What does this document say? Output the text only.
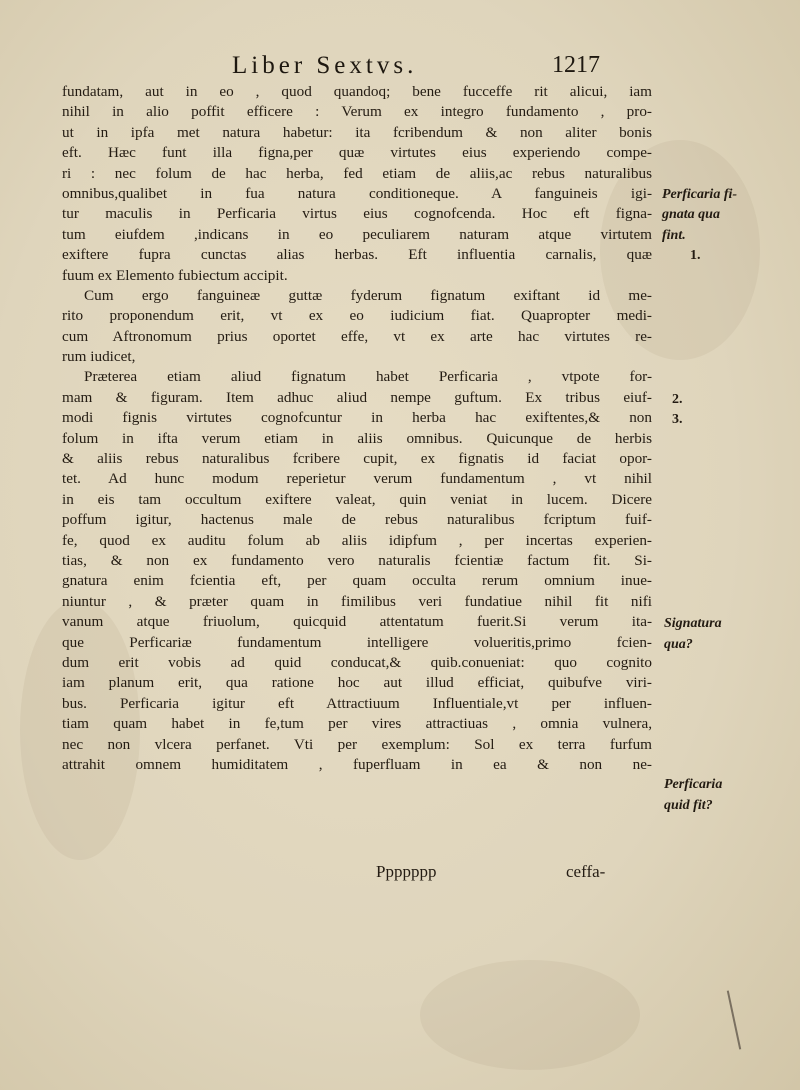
Liber Sextvs.	1217
fundatam, aut in eo , quod quandoq; bene fucceffe rit alicui, iam
nihil in alio poffit efficere : Verum ex integro fundamento , pro-
ut in ipfa met natura habetur: ita fcribendum & non aliter bonis
eft. Hæc funt illa figna,per quæ virtutes eius experiendo compe-
ri : nec folum de hac herba, fed etiam de aliis,ac rebus naturalibus
omnibus,qualibet in fua natura conditioneque. A fanguineis igi-
tur maculis in Perficaria virtus eius cognofcenda. Hoc eft figna-
tum eiufdem ,indicans in eo peculiarem naturam atque virtutem
exiftere fupra cunctas alias herbas. Eft influentia carnalis, quæ
fuum ex Elemento fubiectum accipit.
Cum ergo fanguineæ guttæ fyderum fignatum exiftant id me-
rito proponendum erit, vt ex eo iudicium fiat. Quapropter medi-
cum Aftronomum prius oportet effe, vt ex arte hac virtutes re-
rum iudicet,
Præterea etiam aliud fignatum habet Perficaria , vtpote for-
mam & figuram. Item adhuc aliud nempe guftum. Ex tribus eiuf-
modi fignis virtutes cognofcuntur in herba hac exiftentes,& non
folum in ifta verum etiam in aliis omnibus. Quicunque de herbis
& aliis rebus naturalibus fcribere cupit, ex fignatis id faciat opor-
tet. Ad hunc modum reperietur verum fundamentum , vt nihil
in eis tam occultum exiftere valeat, quin veniat in lucem. Dicere
poffum igitur, hactenus male de rebus naturalibus fcriptum fuif-
fe, quod ex auditu folum ab aliis idipfum , per incertas experien-
tias, & non ex fundamento vero naturalis fcientiæ factum fit. Si-
gnatura enim fcientia eft, per quam occulta rerum omnium inue-
niuntur , & præter quam in fimilibus veri fundatiue nihil fit nifi
vanum atque friuolum, quicquid attentatum fuerit.Si verum ita-
que Perficariæ fundamentum intelligere volueritis,primo fcien-
dum erit vobis ad quid conducat,& quib.conueniat: quo cognito
iam planum erit, qua ratione hoc aut illud efficiat, quibufve viri-
bus. Perficaria igitur eft Attractiuum Influentiale,vt per influen-
tiam quam habet in fe,tum per vires attractiuas , omnia vulnera,
nec non vlcera perfanet. Vti per exemplum: Sol ex terra furfum
attrahit omnem humiditatem , fuperfluam in ea & non ne-
Perficaria fi-
gnata qua
fint.
1.
2.
3.
Signatura
qua?
Perficaria
quid fit?
Ppppppp	ceffa-
